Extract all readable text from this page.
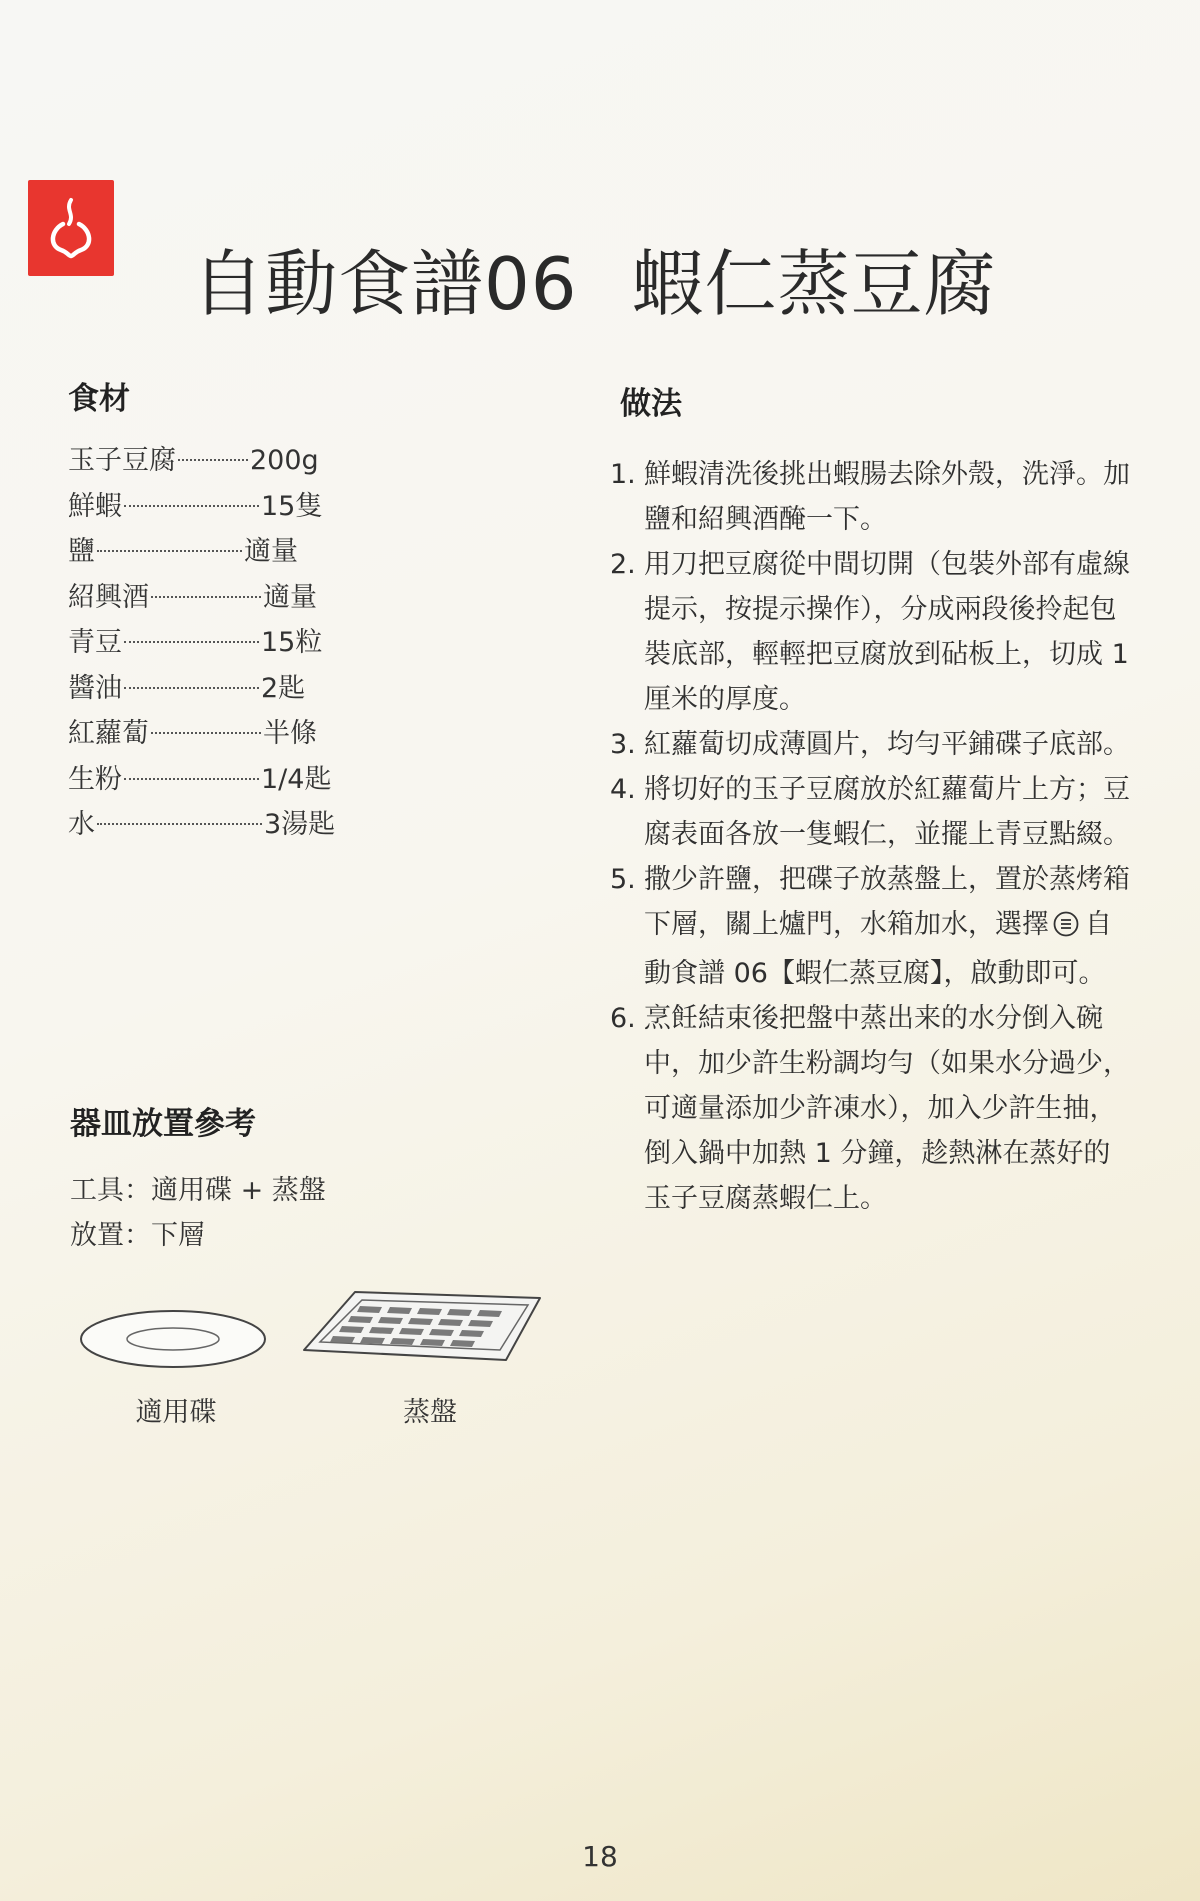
自動食譜06 蝦仁蒸豆腐
食材
玉子豆腐	200g
鮮蝦	15隻
鹽	適量
紹興酒	適量
青豆	15粒
醬油	2匙
紅蘿蔔	半條
生粉	1/4匙
水	3湯匙
做法
1. 鮮蝦清洗後挑出蝦腸去除外殼，洗淨。加鹽和紹興酒醃一下。
2. 用刀把豆腐從中間切開（包裝外部有虛線提示，按提示操作），分成兩段後拎起包裝底部，輕輕把豆腐放到砧板上，切成 1 厘米的厚度。
3. 紅蘿蔔切成薄圓片，均勻平鋪碟子底部。
4. 將切好的玉子豆腐放於紅蘿蔔片上方；豆腐表面各放一隻蝦仁，並擺上青豆點綴。
5. 撒少許鹽，把碟子放蒸盤上，置於蒸烤箱下層，關上爐門，水箱加水，選擇 自動食譜 06【蝦仁蒸豆腐】，啟動即可。
6. 烹飪結束後把盤中蒸出来的水分倒入碗中，加少許生粉調均勻（如果水分過少，可適量添加少許凍水），加入少許生抽，倒入鍋中加熱 1 分鐘，趁熱淋在蒸好的玉子豆腐蒸蝦仁上。
器皿放置參考
工具：適用碟 + 蒸盤
放置：下層
適用碟	蒸盤
18
